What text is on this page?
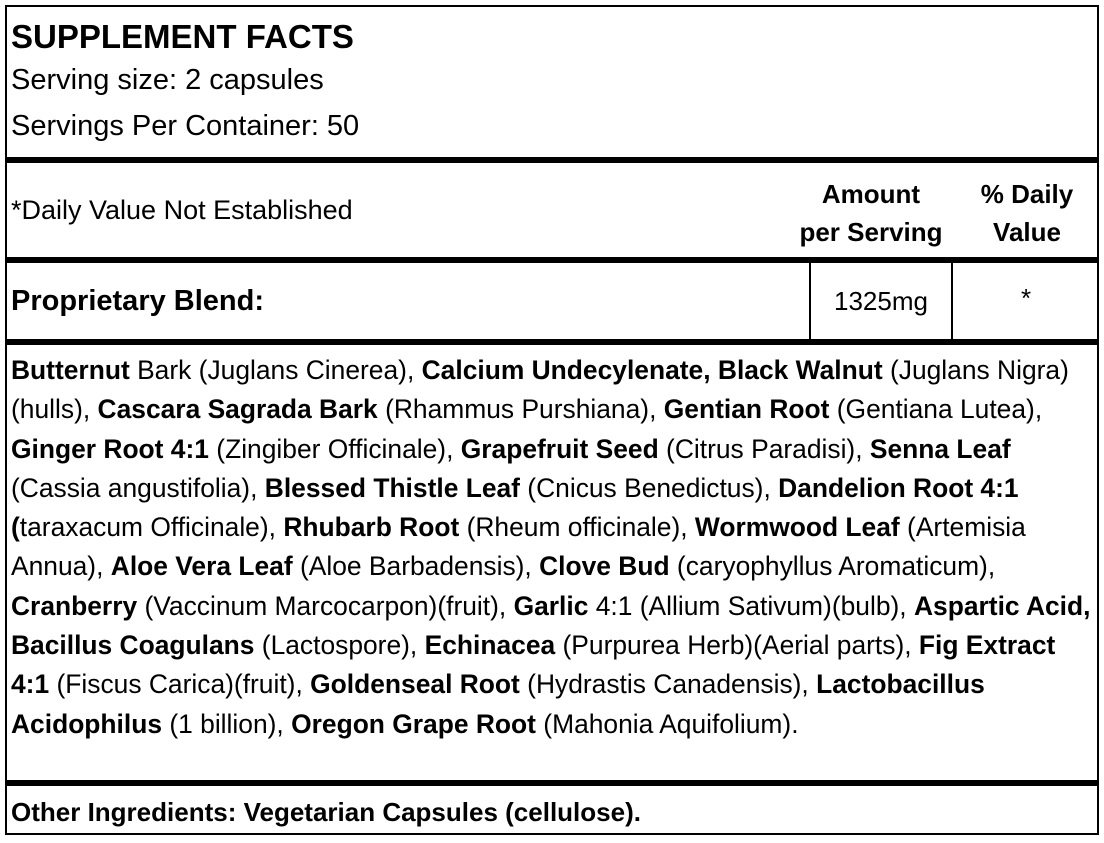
SUPPLEMENT FACTS
Serving size: 2 capsules
Servings Per Container: 50
*Daily Value Not Established
Amount
per Serving
% Daily
Value
Proprietary Blend:	1325mg	*

Butternut Bark (Juglans Cinerea), Calcium Undecylenate, Black Walnut (Juglans Nigra)(hulls), Cascara Sagrada Bark (Rhammus Purshiana), Gentian Root (Gentiana Lutea), Ginger Root 4:1 (Zingiber Officinale), Grapefruit Seed (Citrus Paradisi), Senna Leaf (Cassia angustifolia), Blessed Thistle Leaf (Cnicus Benedictus), Dandelion Root 4:1 (taraxacum Officinale), Rhubarb Root (Rheum officinale), Wormwood Leaf (Artemisia Annua), Aloe Vera Leaf (Aloe Barbadensis), Clove Bud (caryophyllus Aromaticum), Cranberry (Vaccinum Marcocarpon)(fruit), Garlic 4:1 (Allium Sativum)(bulb), Aspartic Acid, Bacillus Coagulans (Lactospore), Echinacea (Purpurea Herb)(Aerial parts), Fig Extract 4:1 (Fiscus Carica)(fruit), Goldenseal Root (Hydrastis Canadensis), Lactobacillus Acidophilus (1 billion), Oregon Grape Root (Mahonia Aquifolium).

Other Ingredients: Vegetarian Capsules (cellulose).
